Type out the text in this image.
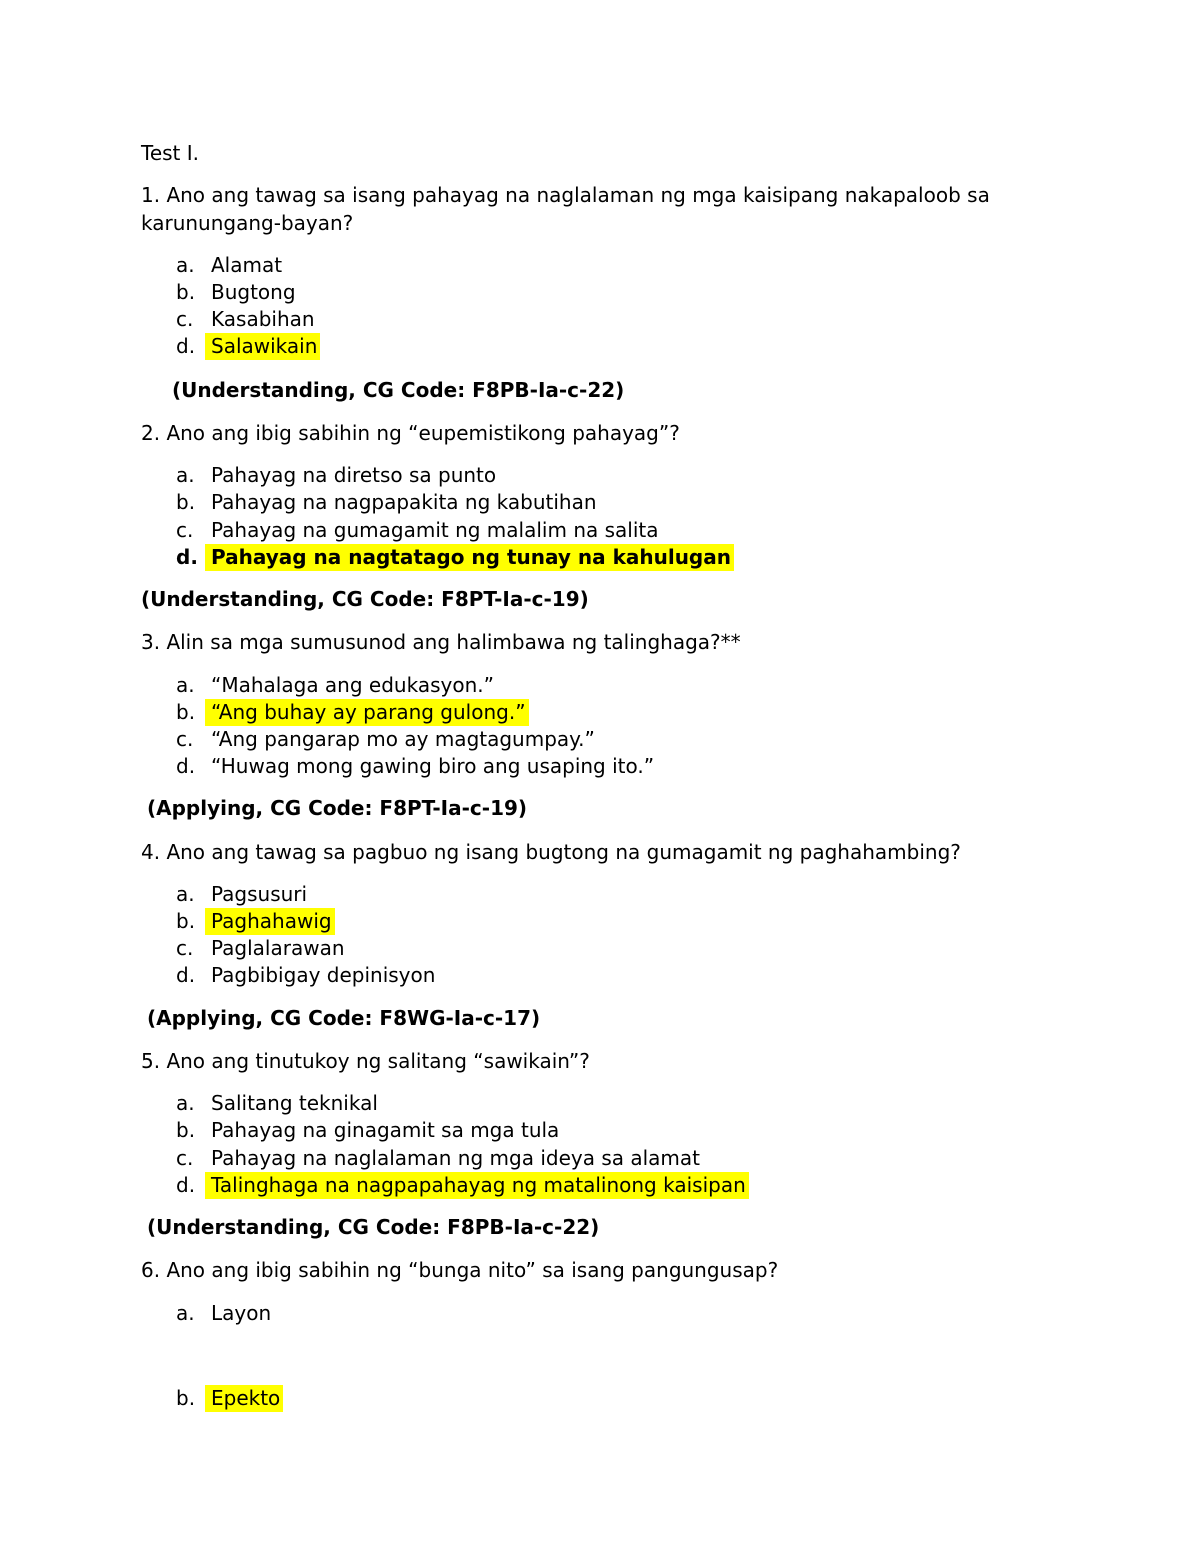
Test I.
1. Ano ang tawag sa isang pahayag na naglalaman ng mga kaisipang nakapaloob sa
karunungang-bayan?
a. Alamat
b. Bugtong
c. Kasabihan
d. Salawikain
(Understanding, CG Code: F8PB-Ia-c-22)
2. Ano ang ibig sabihin ng “eupemistikong pahayag”?
a. Pahayag na diretso sa punto
b. Pahayag na nagpapakita ng kabutihan
c. Pahayag na gumagamit ng malalim na salita
d. Pahayag na nagtatago ng tunay na kahulugan
(Understanding, CG Code: F8PT-Ia-c-19)
3. Alin sa mga sumusunod ang halimbawa ng talinghaga?**
a. “Mahalaga ang edukasyon.”
b. “Ang buhay ay parang gulong.”
c. “Ang pangarap mo ay magtagumpay.”
d. “Huwag mong gawing biro ang usaping ito.”
(Applying, CG Code: F8PT-Ia-c-19)
4. Ano ang tawag sa pagbuo ng isang bugtong na gumagamit ng paghahambing?
a. Pagsusuri
b. Paghahawig
c. Paglalarawan
d. Pagbibigay depinisyon
(Applying, CG Code: F8WG-Ia-c-17)
5. Ano ang tinutukoy ng salitang “sawikain”?
a. Salitang teknikal
b. Pahayag na ginagamit sa mga tula
c. Pahayag na naglalaman ng mga ideya sa alamat
d. Talinghaga na nagpapahayag ng matalinong kaisipan
(Understanding, CG Code: F8PB-Ia-c-22)
6. Ano ang ibig sabihin ng “bunga nito” sa isang pangungusap?
a. Layon
b. Epekto
